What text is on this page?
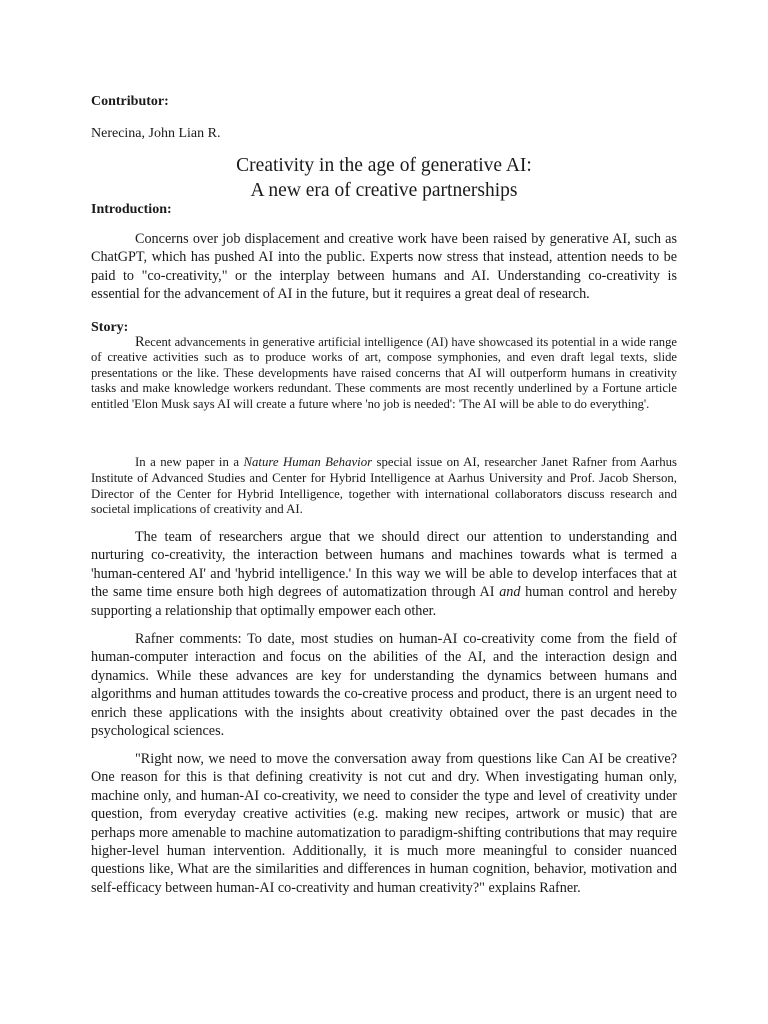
Contributor:

Nerecina, John Lian R.

Creativity in the age of generative AI:
A new era of creative partnerships

Introduction:

Concerns over job displacement and creative work have been raised by generative AI, such as ChatGPT, which has pushed AI into the public. Experts now stress that instead, attention needs to be paid to "co-creativity," or the interplay between humans and AI. Understanding co-creativity is essential for the advancement of AI in the future, but it requires a great deal of research.

Story:

Recent advancements in generative artificial intelligence (AI) have showcased its potential in a wide range of creative activities such as to produce works of art, compose symphonies, and even draft legal texts, slide presentations or the like. These developments have raised concerns that AI will outperform humans in creativity tasks and make knowledge workers redundant. These comments are most recently underlined by a Fortune article entitled 'Elon Musk says AI will create a future where 'no job is needed': 'The AI will be able to do everything'.

In a new paper in a Nature Human Behavior special issue on AI, researcher Janet Rafner from Aarhus Institute of Advanced Studies and Center for Hybrid Intelligence at Aarhus University and Prof. Jacob Sherson, Director of the Center for Hybrid Intelligence, together with international collaborators discuss research and societal implications of creativity and AI.

The team of researchers argue that we should direct our attention to understanding and nurturing co-creativity, the interaction between humans and machines towards what is termed a 'human-centered AI' and 'hybrid intelligence.' In this way we will be able to develop interfaces that at the same time ensure both high degrees of automatization through AI and human control and hereby supporting a relationship that optimally empower each other.

Rafner comments: To date, most studies on human-AI co-creativity come from the field of human-computer interaction and focus on the abilities of the AI, and the interaction design and dynamics. While these advances are key for understanding the dynamics between humans and algorithms and human attitudes towards the co-creative process and product, there is an urgent need to enrich these applications with the insights about creativity obtained over the past decades in the psychological sciences.

"Right now, we need to move the conversation away from questions like Can AI be creative? One reason for this is that defining creativity is not cut and dry. When investigating human only, machine only, and human-AI co-creativity, we need to consider the type and level of creativity under question, from everyday creative activities (e.g. making new recipes, artwork or music) that are perhaps more amenable to machine automatization to paradigm-shifting contributions that may require higher-level human intervention. Additionally, it is much more meaningful to consider nuanced questions like, What are the similarities and differences in human cognition, behavior, motivation and self-efficacy between human-AI co-creativity and human creativity?" explains Rafner.
